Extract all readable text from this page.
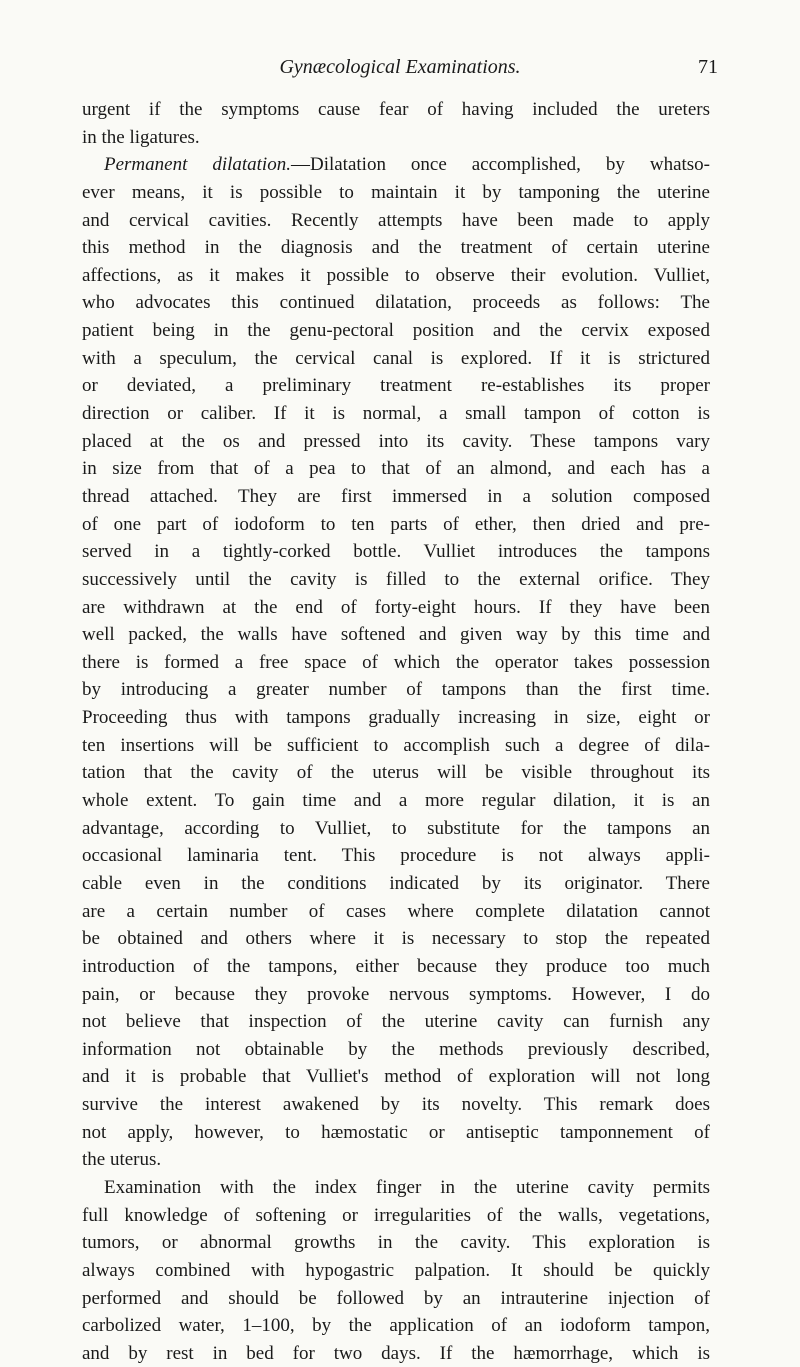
Gynæcological Examinations.	71
urgent if the symptoms cause fear of having included the ureters
in the ligatures.
Permanent dilatation.—Dilatation once accomplished, by whatso-
ever means, it is possible to maintain it by tamponing the uterine
and cervical cavities. Recently attempts have been made to apply
this method in the diagnosis and the treatment of certain uterine
affections, as it makes it possible to observe their evolution. Vulliet,
who advocates this continued dilatation, proceeds as follows: The
patient being in the genu-pectoral position and the cervix exposed
with a speculum, the cervical canal is explored. If it is strictured
or deviated, a preliminary treatment re-establishes its proper
direction or caliber. If it is normal, a small tampon of cotton is
placed at the os and pressed into its cavity. These tampons vary
in size from that of a pea to that of an almond, and each has a
thread attached. They are first immersed in a solution composed
of one part of iodoform to ten parts of ether, then dried and pre-
served in a tightly-corked bottle. Vulliet introduces the tampons
successively until the cavity is filled to the external orifice. They
are withdrawn at the end of forty-eight hours. If they have been
well packed, the walls have softened and given way by this time and
there is formed a free space of which the operator takes possession
by introducing a greater number of tampons than the first time.
Proceeding thus with tampons gradually increasing in size, eight or
ten insertions will be sufficient to accomplish such a degree of dila-
tation that the cavity of the uterus will be visible throughout its
whole extent. To gain time and a more regular dilation, it is an
advantage, according to Vulliet, to substitute for the tampons an
occasional laminaria tent. This procedure is not always appli-
cable even in the conditions indicated by its originator. There
are a certain number of cases where complete dilatation cannot
be obtained and others where it is necessary to stop the repeated
introduction of the tampons, either because they produce too much
pain, or because they provoke nervous symptoms. However, I do
not believe that inspection of the uterine cavity can furnish any
information not obtainable by the methods previously described,
and it is probable that Vulliet's method of exploration will not long
survive the interest awakened by its novelty. This remark does
not apply, however, to hæmostatic or antiseptic tamponnement of
the uterus.
Examination with the index finger in the uterine cavity permits
full knowledge of softening or irregularities of the walls, vegetations,
tumors, or abnormal growths in the cavity. This exploration is
always combined with hypogastric palpation. It should be quickly
performed and should be followed by an intrauterine injection of
carbolized water, 1–100, by the application of an iodoform tampon,
and by rest in bed for two days. If the hæmorrhage, which is
